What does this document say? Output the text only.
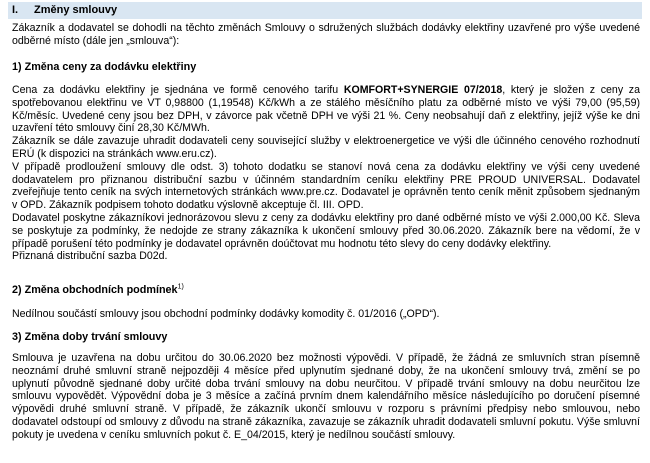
I. Změny smlouvy

Zákazník a dodavatel se dohodli na těchto změnách Smlouvy o sdružených službách dodávky elektřiny uzavřené pro výše uvedené odběrné místo (dále jen „smlouva“):

1) Změna ceny za dodávku elektřiny

Cena za dodávku elektřiny je sjednána ve formě cenového tarifu KOMFORT+SYNERGIE 07/2018, který je složen z ceny za spotřebovanou elektřinu ve VT 0,98800 (1,19548) Kč/kWh a ze stálého měsíčního platu za odběrné místo ve výši 79,00 (95,59) Kč/měsíc. Uvedené ceny jsou bez DPH, v závorce pak včetně DPH ve výši 21 %. Ceny neobsahují daň z elektřiny, jejíž výše ke dni uzavření této smlouvy činí 28,30 Kč/MWh.

Zákazník se dále zavazuje uhradit dodavateli ceny související služby v elektroenergetice ve výši dle účinného cenového rozhodnutí ERÚ (k dispozici na stránkách www.eru.cz).

V případě prodloužení smlouvy dle odst. 3) tohoto dodatku se stanoví nová cena za dodávku elektřiny ve výši ceny uvedené dodavatelem pro přiznanou distribuční sazbu v účinném standardním ceníku elektřiny PRE PROUD UNIVERSAL. Dodavatel zveřejňuje tento ceník na svých internetových stránkách www.pre.cz. Dodavatel je oprávněn tento ceník měnit způsobem sjednaným v OPD. Zákazník podpisem tohoto dodatku výslovně akceptuje čl. III. OPD.

Dodavatel poskytne zákazníkovi jednorázovou slevu z ceny za dodávku elektřiny pro dané odběrné místo ve výši 2.000,00 Kč. Sleva se poskytuje za podmínky, že nedojde ze strany zákazníka k ukončení smlouvy před 30.06.2020. Zákazník bere na vědomí, že v případě porušení této podmínky je dodavatel oprávněn doúčtovat mu hodnotu této slevy do ceny dodávky elektřiny.

Přiznaná distribuční sazba D02d.

2) Změna obchodních podmínek$^{1)}$

Nedílnou součástí smlouvy jsou obchodní podmínky dodávky komodity č. 01/2016 („OPD“).

3) Změna doby trvání smlouvy

Smlouva je uzavřena na dobu určitou do 30.06.2020 bez možnosti výpovědi. V případě, že žádná ze smluvních stran písemně neoznámí druhé smluvní straně nejpozději 4 měsíce před uplynutím sjednané doby, že na ukončení smlouvy trvá, změní se po uplynutí původně sjednané doby určité doba trvání smlouvy na dobu neurčitou. V případě trvání smlouvy na dobu neurčitou lze smlouvu vypovědět. Výpovědní doba je 3 měsíce a začíná prvním dnem kalendářního měsíce následujícího po doručení písemné výpovědi druhé smluvní straně. V případě, že zákazník ukončí smlouvu v rozporu s právními předpisy nebo smlouvou, nebo dodavatel odstoupí od smlouvy z důvodu na straně zákazníka, zavazuje se zákazník uhradit dodavateli smluvní pokutu. Výše smluvní pokuty je uvedena v ceníku smluvních pokut č. E_04/2015, který je nedílnou součástí smlouvy.
